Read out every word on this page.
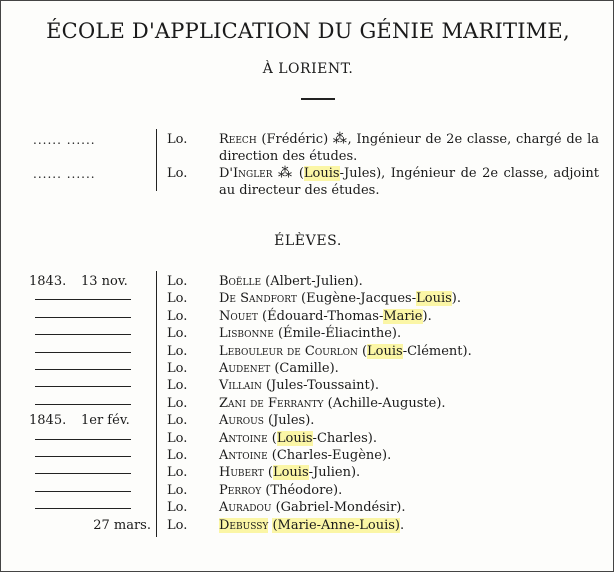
ÉCOLE D'APPLICATION DU GÉNIE MARITIME,
À LORIENT.
...... ......	Lo. Reech (Frédéric) ⁂, Ingénieur de 2e classe, chargé de la direction des études.
...... ......	Lo. D'Ingler ⁂ (Louis-Jules), Ingénieur de 2e classe, adjoint au directeur des études.
ÉLÈVES.
1843. 13 nov.	Lo. Boëlle (Albert-Julien).
Lo. De Sandfort (Eugène-Jacques-Louis).
Lo. Nouet (Édouard-Thomas-Marie).
Lo. Lisbonne (Émile-Éliacinthe).
Lo. Lebouleur de Courlon (Louis-Clément).
Lo. Audenet (Camille).
Lo. Villain (Jules-Toussaint).
Lo. Zani de Ferranty (Achille-Auguste).
1845. 1er fév.	Lo. Aurous (Jules).
Lo. Antoine (Louis-Charles).
Lo. Antoine (Charles-Eugène).
Lo. Hubert (Louis-Julien).
Lo. Perroy (Théodore).
Lo. Auradou (Gabriel-Mondésir).
27 mars. Lo. Debussy (Marie-Anne-Louis).
